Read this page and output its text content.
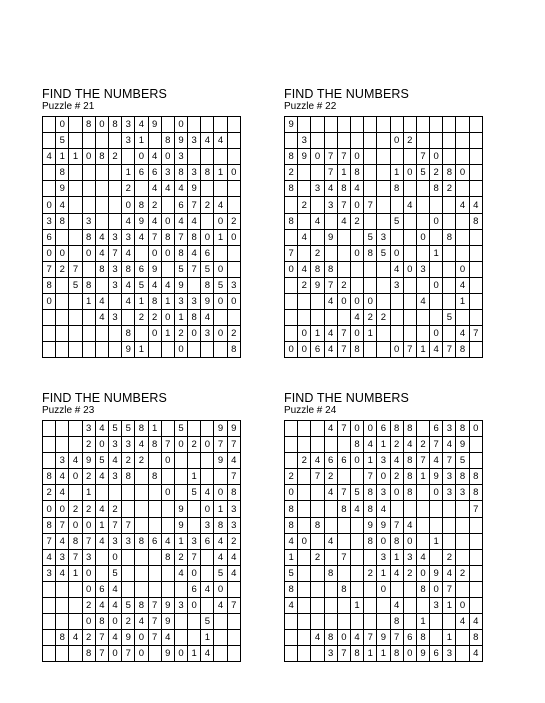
FIND THE NUMBERS
Puzzle # 21
	0		8	0	8	3	4	9		0				
	5					3	1		8	9	3	4	4	
4	1	1	0	8	2		0	4	0	3				
	8					1	6	6	3	8	3	8	1	0
	9					2		4	4	4	9			
0	4					0	8	2		6	7	2	4	
3	8		3			4	9	4	0	4	4		0	2
6			8	4	3	3	4	7	8	7	8	0	1	0
0	0		0	4	7	4		0	0	8	4	6		
7	2	7		8	3	8	6	9		5	7	5	0	
8		5	8		3	4	5	4	4	9		8	5	3
0			1	4		4	1	8	1	3	3	9	0	0
				4	3		2	2	0	1	8	4		
						8		0	1	2	0	3	0	2
						9	1			0				8
FIND THE NUMBERS
Puzzle # 22
9														
	3							0	2					
8	9	0	7	7	0					7	0			
2			7	1	8			1	0	5	2	8	0	
8		3	4	8	4			8			8	2		
	2		3	7	0	7			4				4	4
8		4		4	2			5			0			8
	4		9			5	3			0		8		
7		2			0	8	5	0			1			
0	4	8	8					4	0	3			0	
	2	9	7	2				3			0		4	
			4	0	0	0				4			1	
					4	2	2					5		
	0	1	4	7	0	1					0		4	7
0	0	6	4	7	8			0	7	1	4	7	8	
FIND THE NUMBERS
Puzzle # 23
			3	4	5	5	8	1		5			9	9
			2	0	3	3	4	8	7	0	2	0	7	7
	3	4	9	5	4	2	2		0				9	4
8	4	0	2	4	3	8		8			1			7
2	4		1						0		5	4	0	8
0	0	2	2	4	2					9		0	1	3
8	7	0	0	1	7	7				9		3	8	3
7	4	8	7	4	3	3	8	6	4	1	3	6	4	2
4	3	7	3		0				8	2	7		4	4
3	4	1	0		5					4	0		5	4
			0	6	4						6	4	0	
			2	4	4	5	8	7	9	3	0		4	7
			0	8	0	2	4	7	9			5		
	8	4	2	7	4	9	0	7	4			1		
			8	7	0	7	0		9	0	1	4		
FIND THE NUMBERS
Puzzle # 24
			4	7	0	0	6	8	8		6	3	8	0
					8	4	1	2	4	2	7	4	9	
	2	4	6	6	0	1	3	4	8	7	4	7	5	
2		7	2			7	0	2	8	1	9	3	8	8
0			4	7	5	8	3	0	8		0	3	3	8
8				8	4	8	4							7
8		8				9	9	7	4					
4	0		4			8	0	8	0		1			
1		2		7			3	1	3	4		2		
5			8			2	1	4	2	0	9	4	2	
8				8			0			8	0	7		
4					1			4			3	1	0	
								8		1			4	4
		4	8	0	4	7	9	7	6	8		1		8
			3	7	8	1	1	8	0	9	6	3		4
